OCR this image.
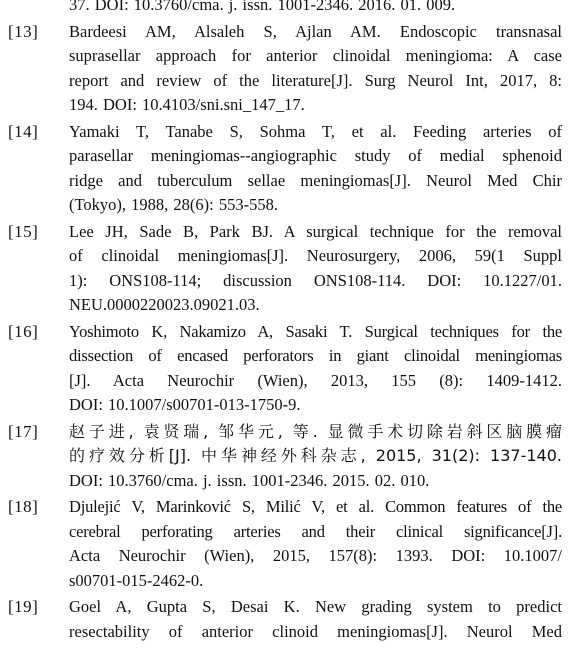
37. DOI: 10.3760/cma. j. issn. 1001-2346. 2016. 01. 009.
[13]	Bardeesi AM, Alsaleh S, Ajlan AM. Endoscopic transnasal
suprasellar approach for anterior clinoidal meningioma: A case
report and review of the literature[J]. Surg Neurol Int, 2017, 8:
194. DOI: 10.4103/sni.sni_147_17.
[14]	Yamaki T, Tanabe S, Sohma T, et al. Feeding arteries of
parasellar meningiomas--angiographic study of medial sphenoid
ridge and tuberculum sellae meningiomas[J]. Neurol Med Chir
(Tokyo), 1988, 28(6): 553-558.
[15]	Lee JH, Sade B, Park BJ. A surgical technique for the removal
of clinoidal meningiomas[J]. Neurosurgery, 2006, 59(1 Suppl
1): ONS108-114; discussion ONS108-114. DOI: 10.1227/01.
NEU.0000220023.09021.03.
[16]	Yoshimoto K, Nakamizo A, Sasaki T. Surgical techniques for the
dissection of encased perforators in giant clinoidal meningiomas
[J]. Acta Neurochir (Wien), 2013, 155 (8): 1409-1412.
DOI: 10.1007/s00701-013-1750-9.
[17]	赵子进, 袁贤瑞, 邹华元, 等. 显微手术切除岩斜区脑膜瘤
的疗效分析[J]. 中华神经外科杂志, 2015, 31(2): 137-140.
DOI: 10.3760/cma. j. issn. 1001-2346. 2015. 02. 010.
[18]	Djulejić V, Marinković S, Milić V, et al. Common features of the
cerebral perforating arteries and their clinical significance[J].
Acta Neurochir (Wien), 2015, 157(8): 1393. DOI: 10.1007/
s00701-015-2462-0.
[19]	Goel A, Gupta S, Desai K. New grading system to predict
resectability of anterior clinoid meningiomas[J]. Neurol Med
